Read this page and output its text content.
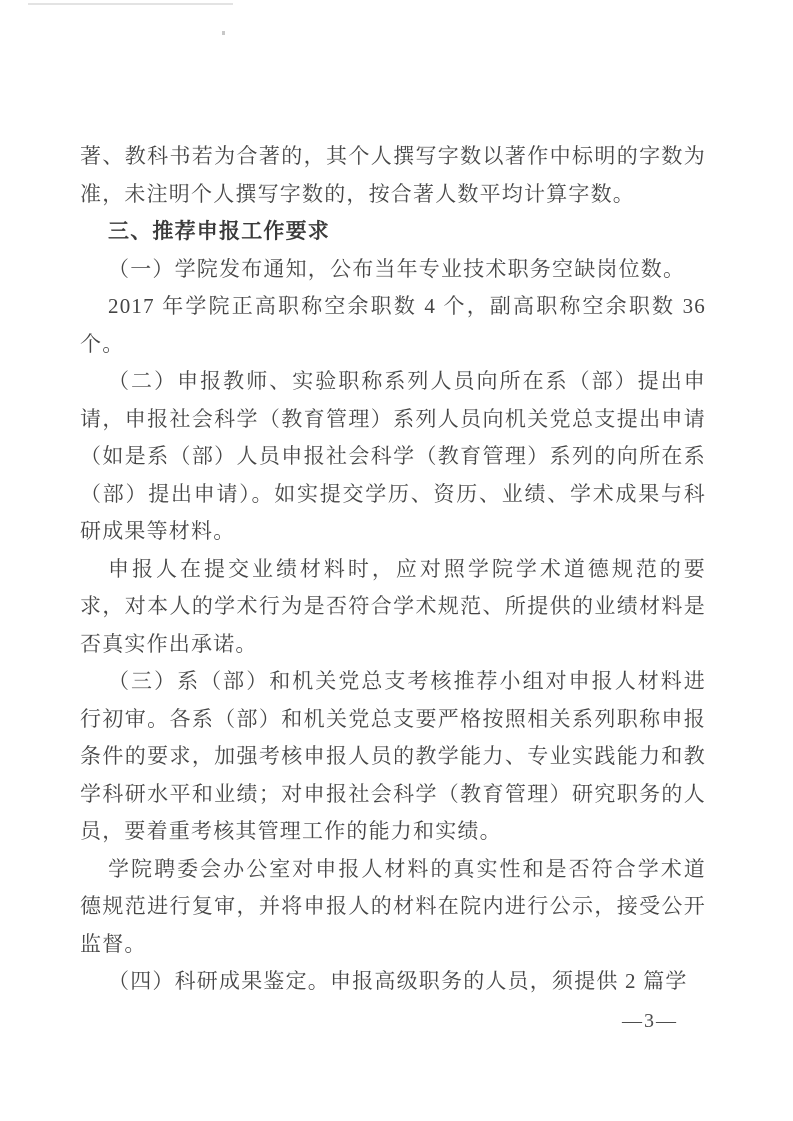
著、教科书若为合著的，其个人撰写字数以著作中标明的字数为准，未注明个人撰写字数的，按合著人数平均计算字数。

三、推荐申报工作要求

（一）学院发布通知，公布当年专业技术职务空缺岗位数。

2017 年学院正高职称空余职数 4 个，副高职称空余职数 36 个。

（二）申报教师、实验职称系列人员向所在系（部）提出申请，申报社会科学（教育管理）系列人员向机关党总支提出申请（如是系（部）人员申报社会科学（教育管理）系列的向所在系（部）提出申请）。如实提交学历、资历、业绩、学术成果与科研成果等材料。

申报人在提交业绩材料时，应对照学院学术道德规范的要求，对本人的学术行为是否符合学术规范、所提供的业绩材料是否真实作出承诺。

（三）系（部）和机关党总支考核推荐小组对申报人材料进行初审。各系（部）和机关党总支要严格按照相关系列职称申报条件的要求，加强考核申报人员的教学能力、专业实践能力和教学科研水平和业绩；对申报社会科学（教育管理）研究职务的人员，要着重考核其管理工作的能力和实绩。

学院聘委会办公室对申报人材料的真实性和是否符合学术道德规范进行复审，并将申报人的材料在院内进行公示，接受公开监督。

（四）科研成果鉴定。申报高级职务的人员，须提供 2 篇学

—3—
